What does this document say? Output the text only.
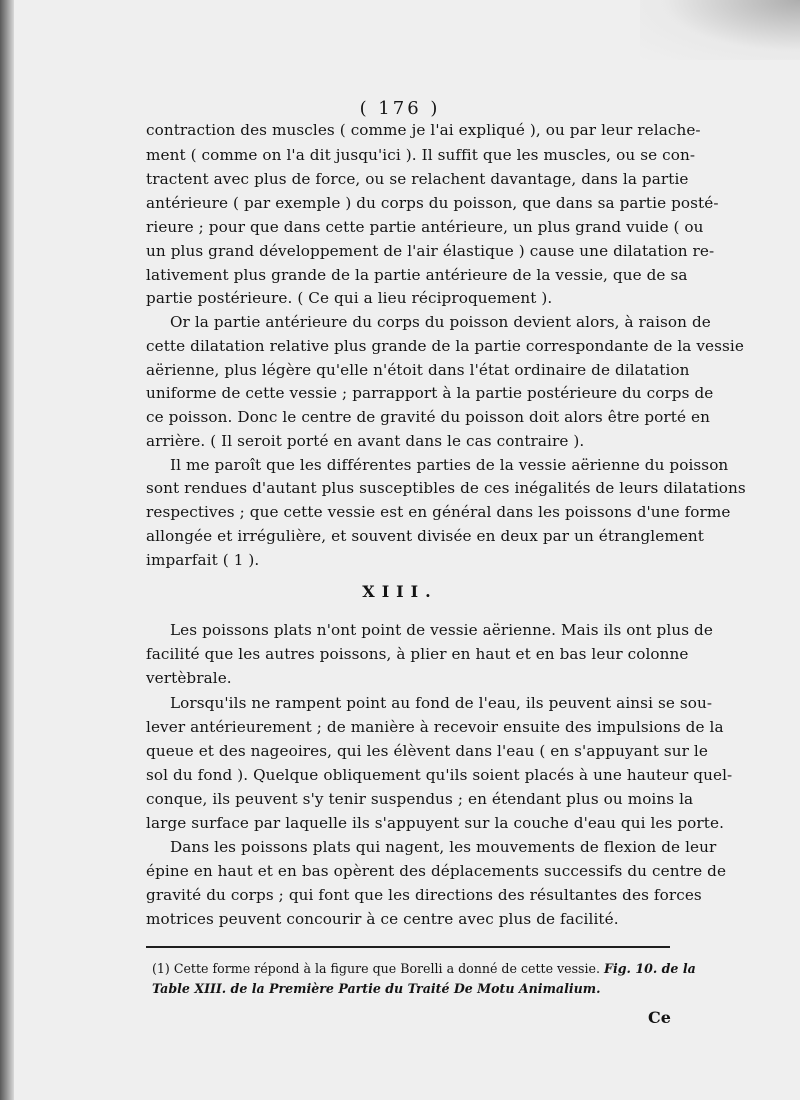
( 176 )
contraction des muscles ( comme je l'ai expliqué ), ou par leur relache-
ment ( comme on l'a dit jusqu'ici ). Il suffit que les muscles, ou se con-
tractent avec plus de force, ou se relachent davantage, dans la partie
antérieure ( par exemple ) du corps du poisson, que dans sa partie posté-
rieure ; pour que dans cette partie antérieure, un plus grand vuide ( ou
un plus grand développement de l'air élastique ) cause une dilatation re-
lativement plus grande de la partie antérieure de la vessie, que de sa
partie postérieure. ( Ce qui a lieu réciproquement ).
Or la partie antérieure du corps du poisson devient alors, à raison de
cette dilatation relative plus grande de la partie correspondante de la vessie
aërienne, plus légère qu'elle n'étoit dans l'état ordinaire de dilatation
uniforme de cette vessie ; parrapport à la partie postérieure du corps de
ce poisson. Donc le centre de gravité du poisson doit alors être porté en
arrière. ( Il seroit porté en avant dans le cas contraire ).
Il me paroît que les différentes parties de la vessie aërienne du poisson
sont rendues d'autant plus susceptibles de ces inégalités de leurs dilatations
respectives ; que cette vessie est en général dans les poissons d'une forme
allongée et irrégulière, et souvent divisée en deux par un étranglement
imparfait ( 1 ).
XIII.
Les poissons plats n'ont point de vessie aërienne. Mais ils ont plus de
facilité que les autres poissons, à plier en haut et en bas leur colonne
vertèbrale.
Lorsqu'ils ne rampent point au fond de l'eau, ils peuvent ainsi se sou-
lever antérieurement ; de manière à recevoir ensuite des impulsions de la
queue et des nageoires, qui les élèvent dans l'eau ( en s'appuyant sur le
sol du fond ). Quelque obliquement qu'ils soient placés à une hauteur quel-
conque, ils peuvent s'y tenir suspendus ; en étendant plus ou moins la
large surface par laquelle ils s'appuyent sur la couche d'eau qui les porte.
Dans les poissons plats qui nagent, les mouvements de flexion de leur
épine en haut et en bas opèrent des déplacements successifs du centre de
gravité du corps ; qui font que les directions des résultantes des forces
motrices peuvent concourir à ce centre avec plus de facilité.
(1) Cette forme répond à la figure que Borelli a donné de cette vessie. Fig. 10. de la
Table XIII. de la Première Partie du Traité De Motu Animalium.
Ce
